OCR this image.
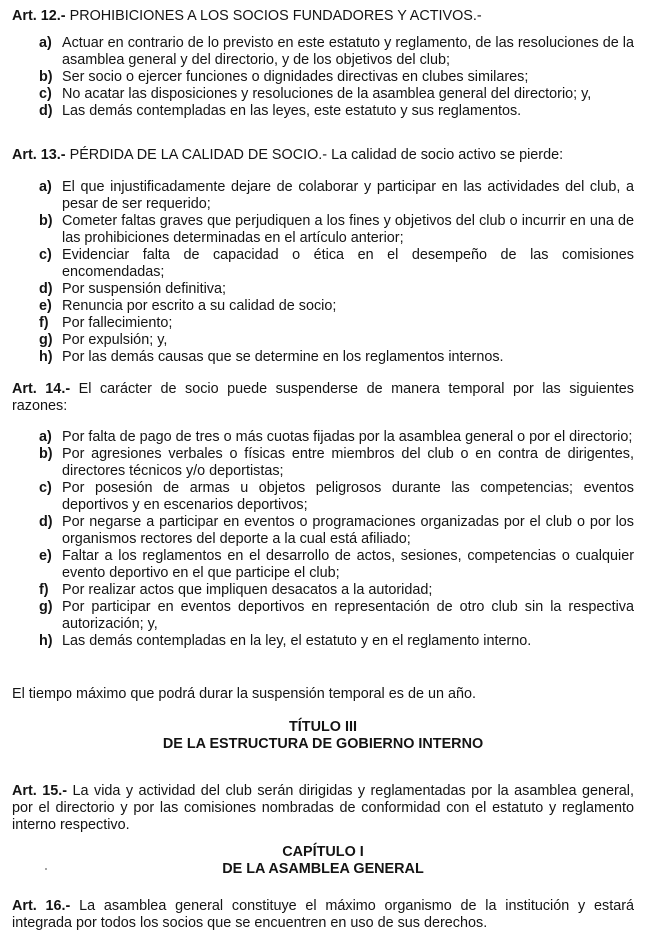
Art. 12.- PROHIBICIONES A LOS SOCIOS FUNDADORES Y ACTIVOS.-

a) Actuar en contrario de lo previsto en este estatuto y reglamento, de las resoluciones de la asamblea general y del directorio, y de los objetivos del club;
b) Ser socio o ejercer funciones o dignidades directivas en clubes similares;
c) No acatar las disposiciones y resoluciones de la asamblea general del directorio; y,
d) Las demás contempladas en las leyes, este estatuto y sus reglamentos.

Art. 13.- PÉRDIDA DE LA CALIDAD DE SOCIO.- La calidad de socio activo se pierde:

a) El que injustificadamente dejare de colaborar y participar en las actividades del club, a pesar de ser requerido;
b) Cometer faltas graves que perjudiquen a los fines y objetivos del club o incurrir en una de las prohibiciones determinadas en el artículo anterior;
c) Evidenciar falta de capacidad o ética en el desempeño de las comisiones encomendadas;
d) Por suspensión definitiva;
e) Renuncia por escrito a su calidad de socio;
f) Por fallecimiento;
g) Por expulsión; y,
h) Por las demás causas que se determine en los reglamentos internos.

Art. 14.- El carácter de socio puede suspenderse de manera temporal por las siguientes razones:

a) Por falta de pago de tres o más cuotas fijadas por la asamblea general o por el directorio;
b) Por agresiones verbales o físicas entre miembros del club o en contra de dirigentes, directores técnicos y/o deportistas;
c) Por posesión de armas u objetos peligrosos durante las competencias; eventos deportivos y en escenarios deportivos;
d) Por negarse a participar en eventos o programaciones organizadas por el club o por los organismos rectores del deporte a la cual está afiliado;
e) Faltar a los reglamentos en el desarrollo de actos, sesiones, competencias o cualquier evento deportivo en el que participe el club;
f) Por realizar actos que impliquen desacatos a la autoridad;
g) Por participar en eventos deportivos en representación de otro club sin la respectiva autorización; y,
h) Las demás contempladas en la ley, el estatuto y en el reglamento interno.

El tiempo máximo que podrá durar la suspensión temporal es de un año.

TÍTULO III

DE LA ESTRUCTURA DE GOBIERNO INTERNO

Art. 15.- La vida y actividad del club serán dirigidas y reglamentadas por la asamblea general, por el directorio y por las comisiones nombradas de conformidad con el estatuto y reglamento interno respectivo.

CAPÍTULO I

DE LA ASAMBLEA GENERAL

Art. 16.- La asamblea general constituye el máximo organismo de la institución y estará integrada por todos los socios que se encuentren en uso de sus derechos.
